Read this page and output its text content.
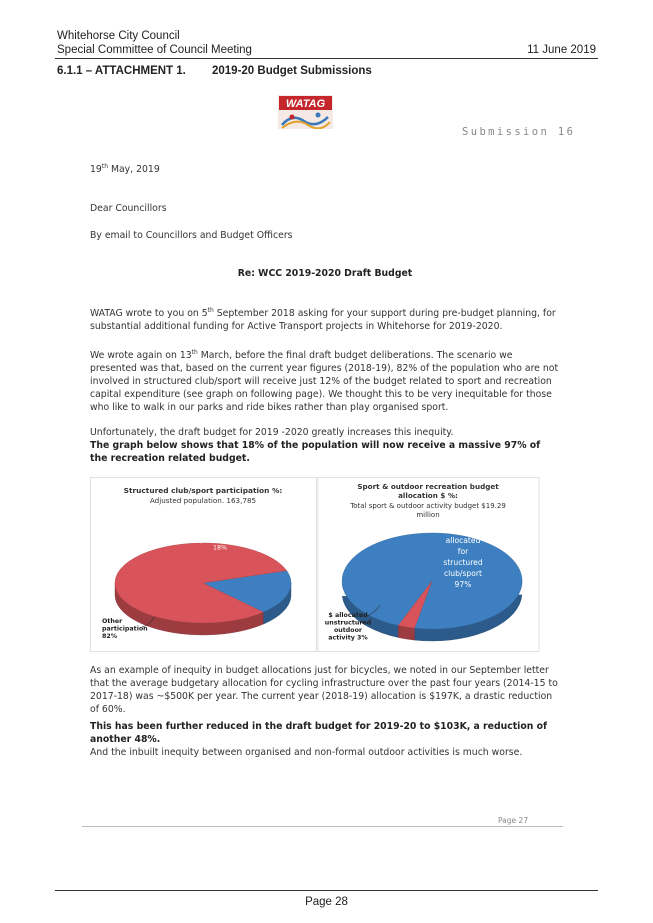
Whitehorse City Council
Special Committee of Council Meeting	11 June 2019
6.1.1 – ATTACHMENT 1. 2019-20 Budget Submissions
WATAG
Submission 16
19th May, 2019
Dear Councillors
By email to Councillors and Budget Officers
Re: WCC 2019-2020 Draft Budget
WATAG wrote to you on 5th September 2018 asking for your support during pre-budget planning, for substantial additional funding for Active Transport projects in Whitehorse for 2019-2020.
We wrote again on 13th March, before the final draft budget deliberations. The scenario we presented was that, based on the current year figures (2018-19), 82% of the population who are not involved in structured club/sport will receive just 12% of the budget related to sport and recreation capital expenditure (see graph on following page). We thought this to be very inequitable for those who like to walk in our parks and ride bikes rather than play organised sport.
Unfortunately, the draft budget for 2019 -2020 greatly increases this inequity.
The graph below shows that 18% of the population will now receive a massive 97% of the recreation related budget.
Structured club/sport participation %:
Adjusted population. 163,785
Structured club/sport participation 18%
Other participation 82%
Sport & outdoor recreation budget allocation $ %:
Total sport & outdoor activity budget $19.29 million
$ allocated for structured club/sport 97%
$ allocated unstructured outdoor activity 3%
As an example of inequity in budget allocations just for bicycles, we noted in our September letter that the average budgetary allocation for cycling infrastructure over the past four years (2014-15 to 2017-18) was ~$500K per year. The current year (2018-19) allocation is $197K, a drastic reduction of 60%.
This has been further reduced in the draft budget for 2019-20 to $103K, a reduction of another 48%.
And the inbuilt inequity between organised and non-formal outdoor activities is much worse.
Page 27
Page 28
